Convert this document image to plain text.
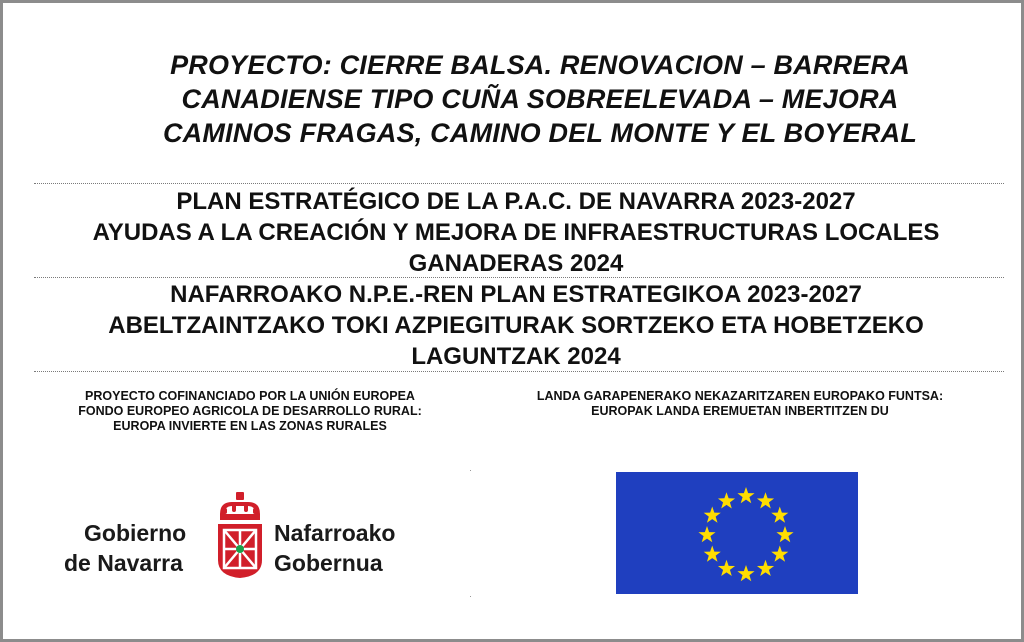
PROYECTO: CIERRE BALSA. RENOVACION – BARRERA
CANADIENSE TIPO CUÑA SOBREELEVADA – MEJORA
CAMINOS FRAGAS, CAMINO DEL MONTE Y EL BOYERAL
PLAN ESTRATÉGICO DE LA P.A.C. DE NAVARRA 2023-2027
AYUDAS A LA CREACIÓN Y MEJORA DE INFRAESTRUCTURAS LOCALES
GANADERAS 2024
NAFARROAKO N.P.E.-REN PLAN ESTRATEGIKOA 2023-2027
ABELTZAINTZAKO TOKI AZPIEGITURAK SORTZEKO ETA HOBETZEKO
LAGUNTZAK 2024
PROYECTO COFINANCIADO POR LA UNIÓN EUROPEA
FONDO EUROPEO AGRICOLA DE DESARROLLO RURAL:
EUROPA INVIERTE EN LAS ZONAS RURALES
LANDA GARAPENERAKO NEKAZARITZAREN EUROPAKO FUNTSA:
EUROPAK LANDA EREMUETAN INBERTITZEN DU
Gobierno
de Navarra
Nafarroako
Gobernua
